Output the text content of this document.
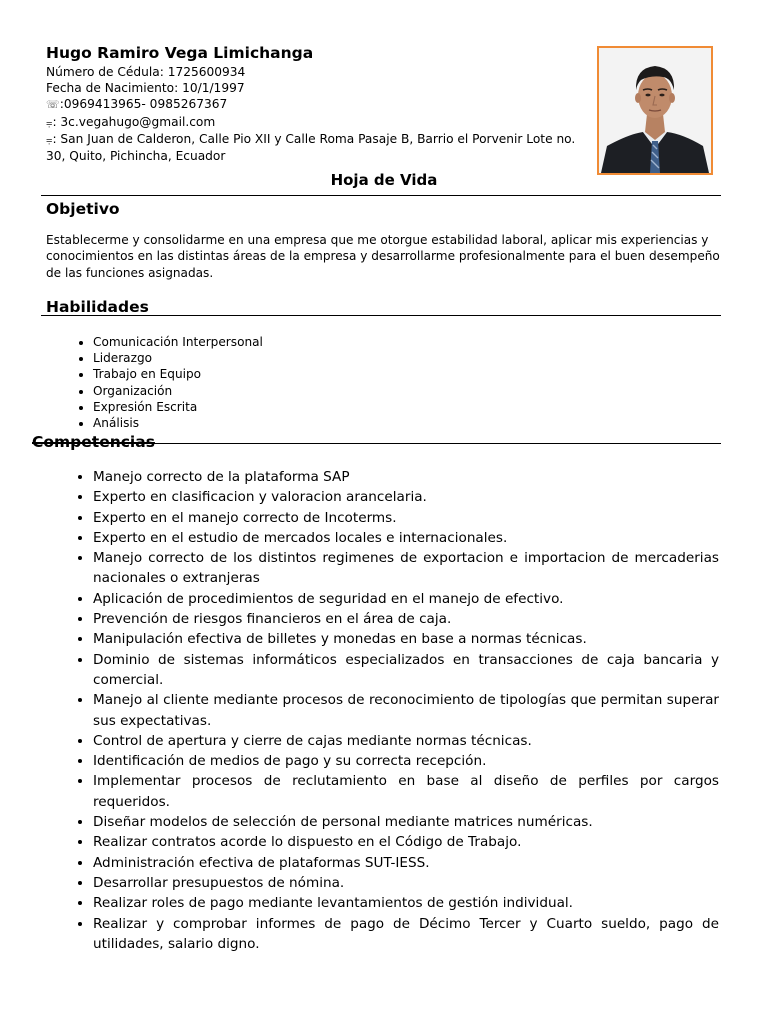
Hugo Ramiro Vega Limichanga

Número de Cédula: 1725600934
Fecha de Nacimiento: 10/1/1997
☏:0969413965- 0985267367
⩦: 3c.vegahugo@gmail.com
⩦: San Juan de Calderon, Calle Pio XII y Calle Roma Pasaje B, Barrio el Porvenir Lote no. 30, Quito, Pichincha, Ecuador
Hoja de Vida
Objetivo
Establecerme y consolidarme en una empresa que me otorgue estabilidad laboral, aplicar mis experiencias y conocimientos en las distintas áreas de la empresa y desarrollarme profesionalmente para el buen desempeño de las funciones asignadas.
Habilidades
• Comunicación Interpersonal
• Liderazgo
• Trabajo en Equipo
• Organización
• Expresión Escrita
• Análisis
Competencias
• Manejo correcto de la plataforma SAP
• Experto en clasificacion y valoracion arancelaria.
• Experto en el manejo correcto de Incoterms.
• Experto en el estudio de mercados locales e internacionales.
• Manejo correcto de los distintos regimenes de exportacion e importacion de mercaderias nacionales o extranjeras
• Aplicación de procedimientos de seguridad en el manejo de efectivo.
• Prevención de riesgos financieros en el área de caja.
• Manipulación efectiva de billetes y monedas en base a normas técnicas.
• Dominio de sistemas informáticos especializados en transacciones de caja bancaria y comercial.
• Manejo al cliente mediante procesos de reconocimiento de tipologías que permitan superar sus expectativas.
• Control de apertura y cierre de cajas mediante normas técnicas.
• Identificación de medios de pago y su correcta recepción.
• Implementar procesos de reclutamiento en base al diseño de perfiles por cargos requeridos.
• Diseñar modelos de selección de personal mediante matrices numéricas.
• Realizar contratos acorde lo dispuesto en el Código de Trabajo.
• Administración efectiva de plataformas SUT-IESS.
• Desarrollar presupuestos de nómina.
• Realizar roles de pago mediante levantamientos de gestión individual.
• Realizar y comprobar informes de pago de Décimo Tercer y Cuarto sueldo, pago de utilidades, salario digno.
